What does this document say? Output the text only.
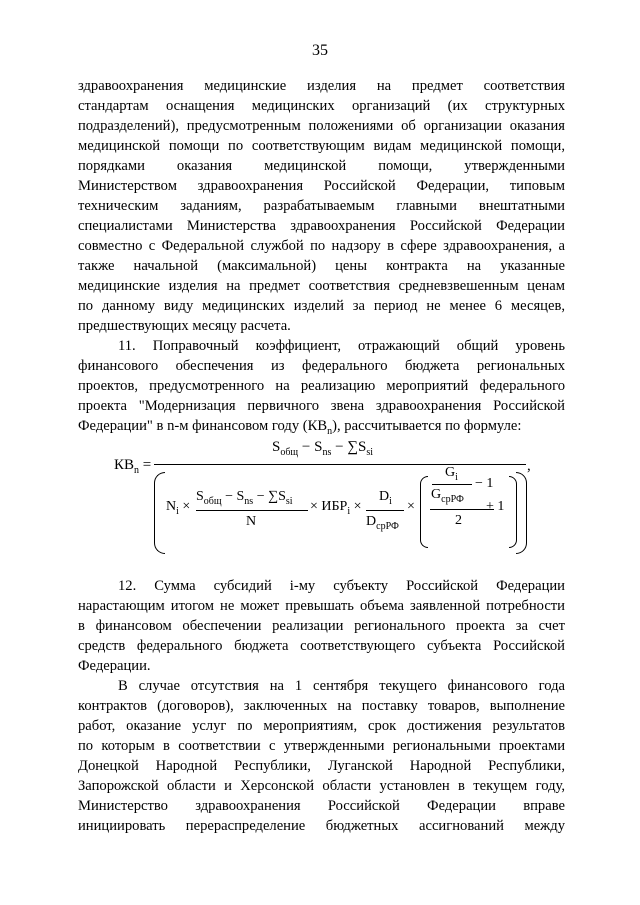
35
здравоохранения медицинские изделия на предмет соответствия
стандартам оснащения медицинских организаций (их структурных
подразделений), предусмотренным положениями об организации оказания
медицинской помощи по соответствующим видам медицинской помощи,
порядками оказания медицинской помощи, утвержденными
Министерством здравоохранения Российской Федерации, типовым
техническим заданиям, разрабатываемым главными внештатными
специалистами Министерства здравоохранения Российской Федерации
совместно с Федеральной службой по надзору в сфере здравоохранения, а
также начальной (максимальной) цены контракта на указанные
медицинские изделия на предмет соответствия средневзвешенным ценам
по данному виду медицинских изделий за период не менее 6 месяцев,
предшествующих месяцу расчета.
11. Поправочный коэффициент, отражающий общий уровень
финансового обеспечения из федерального бюджета региональных
проектов, предусмотренного на реализацию мероприятий федерального
проекта "Модернизация первичного звена здравоохранения Российской
Федерации" в n-м финансовом году $(КВ_n)$, рассчитывается по формуле:
$КВ_n$ =
$S_{общ} - S_{ns} - \sum S_{si}$
,
$N_i$ ×
$S_{общ} - S_{ns} - \sum S_{si}$
N
× $ИБР_i$ ×
$D_i$
$D_{срРФ}$
×
$G_i$
$G_{срРФ}$
− 1
2
+ 1
12. Сумма субсидий i-му субъекту Российской Федерации
нарастающим итогом не может превышать объема заявленной потребности
в финансовом обеспечении реализации регионального проекта за счет
средств федерального бюджета соответствующего субъекта Российской
Федерации.
В случае отсутствия на 1 сентября текущего финансового года
контрактов (договоров), заключенных на поставку товаров, выполнение
работ, оказание услуг по мероприятиям, срок достижения результатов
по которым в соответствии с утвержденными региональными проектами
Донецкой Народной Республики, Луганской Народной Республики,
Запорожской области и Херсонской области установлен в текущем году,
Министерство здравоохранения Российской Федерации вправе
инициировать перераспределение бюджетных ассигнований между
